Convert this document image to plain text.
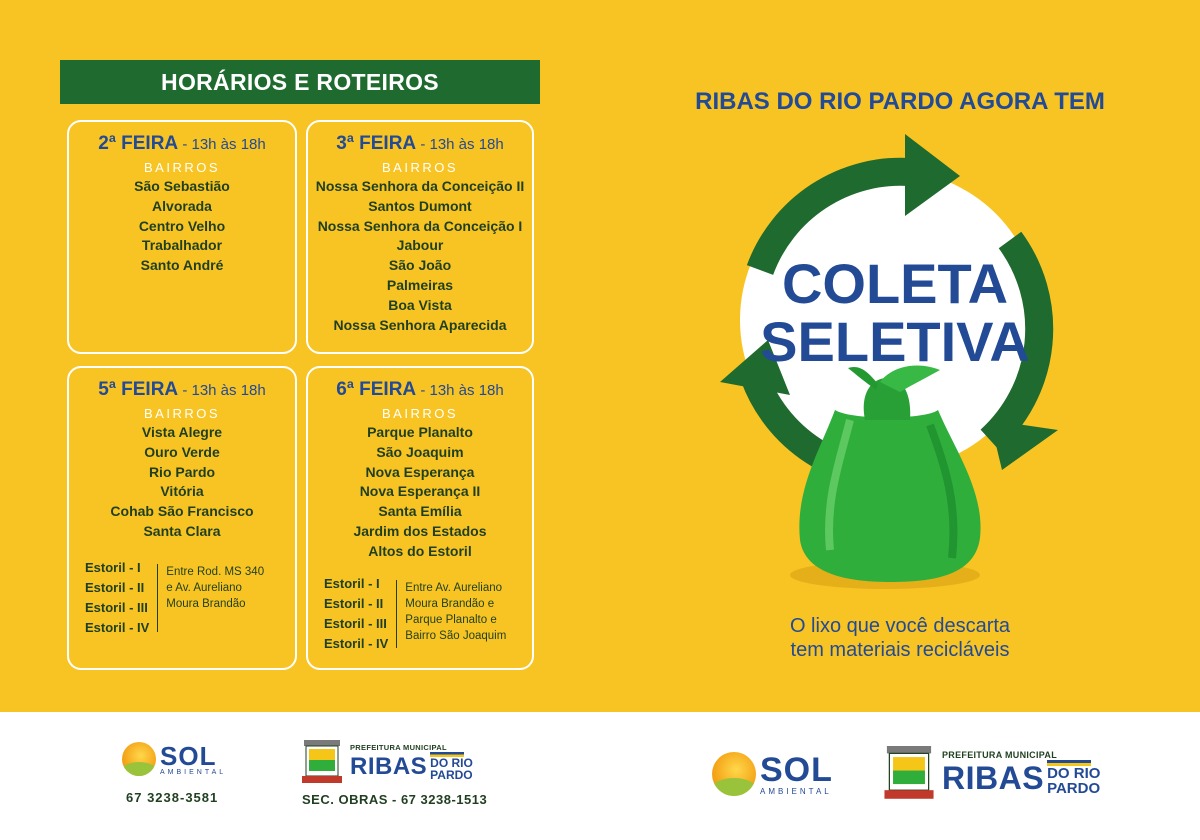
HORÁRIOS E ROTEIROS
2ª FEIRA - 13h às 18h
BAIRROS
São Sebastião
Alvorada
Centro Velho
Trabalhador
Santo André
3ª FEIRA - 13h às 18h
BAIRROS
Nossa Senhora da Conceição II
Santos Dumont
Nossa Senhora da Conceição I
Jabour
São João
Palmeiras
Boa Vista
Nossa Senhora Aparecida
5ª FEIRA - 13h às 18h
BAIRROS
Vista Alegre
Ouro Verde
Rio Pardo
Vitória
Cohab São Francisco
Santa Clara
Estoril - I
Estoril - II
Estoril - III
Estoril - IV
Entre Rod. MS 340
e Av. Aureliano
Moura Brandão
6ª FEIRA - 13h às 18h
BAIRROS
Parque Planalto
São Joaquim
Nova Esperança
Nova Esperança II
Santa Emília
Jardim dos Estados
Altos do Estoril
Estoril - I
Estoril - II
Estoril - III
Estoril - IV
Entre Av. Aureliano
Moura Brandão e
Parque Planalto e
Bairro São Joaquim
RIBAS DO RIO PARDO AGORA TEM
COLETA
SELETIVA
O lixo que você descarta
tem materiais recicláveis
SOL
AMBIENTAL
67 3238-3581
PREFEITURA MUNICIPAL
RIBAS DO RIO
PARDO
SEC. OBRAS - 67 3238-1513
SOL
AMBIENTAL
PREFEITURA MUNICIPAL
RIBAS DO RIO
PARDO
